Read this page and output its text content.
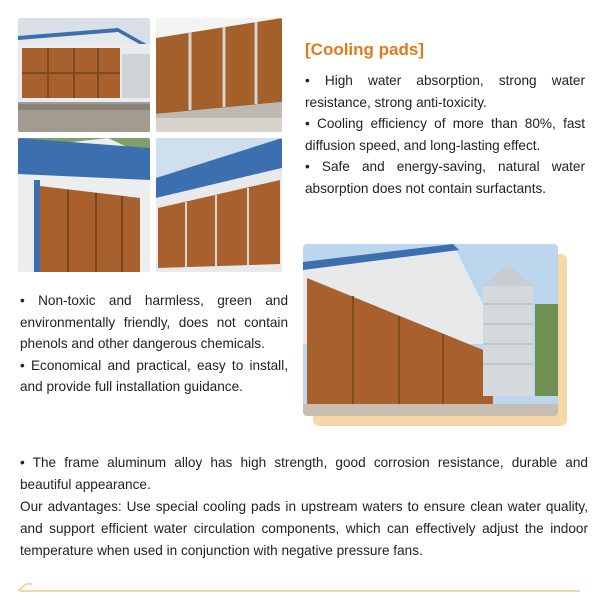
[Cooling pads]

• High water absorption, strong water resistance, strong anti-toxicity.

• Cooling efficiency of more than 80%, fast diffusion speed, and long-lasting effect.

• Safe and energy-saving, natural water absorption does not contain surfactants.

• Non-toxic and harmless, green and environmentally friendly, does not contain phenols and other dangerous chemicals.

• Economical and practical, easy to install, and provide full installation guidance.

• The frame aluminum alloy has high strength, good corrosion resistance, durable and beautiful appearance.

Our advantages: Use special cooling pads in upstream waters to ensure clean water quality, and support efficient water circulation components, which can effectively adjust the indoor temperature when used in conjunction with negative pressure fans.
